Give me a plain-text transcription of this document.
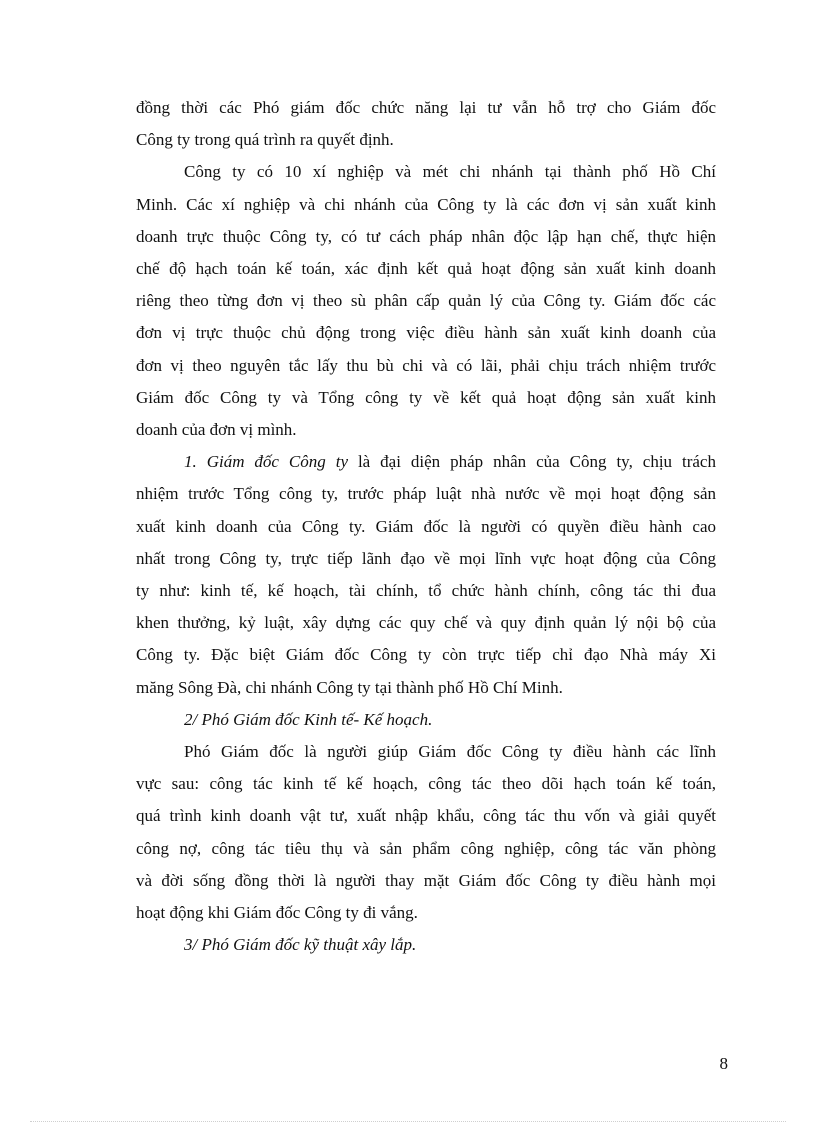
đồng thời các Phó giám đốc chức năng lại tư vẫn hỗ trợ cho Giám đốc
Công ty trong quá trình ra quyết định.

Công ty có 10 xí nghiệp và mét chi nhánh tại thành phố Hồ Chí
Minh. Các xí nghiệp và chi nhánh của Công ty là các đơn vị sản xuất kinh
doanh trực thuộc Công ty, có tư cách pháp nhân độc lập hạn chế, thực hiện
chế độ hạch toán kế toán, xác định kết quả hoạt động sản xuất kinh doanh
riêng theo từng đơn vị theo sù phân cấp quản lý của Công ty. Giám đốc các
đơn vị trực thuộc chủ động trong việc điều hành sản xuất kinh doanh của
đơn vị theo nguyên tắc lấy thu bù chi và có lãi, phải chịu trách nhiệm trước
Giám đốc Công ty và Tổng công ty về kết quả hoạt động sản xuất kinh
doanh của đơn vị mình.

1. Giám đốc Công ty là đại diện pháp nhân của Công ty, chịu trách
nhiệm trước Tổng công ty, trước pháp luật nhà nước về mọi hoạt động sản
xuất kinh doanh của Công ty. Giám đốc là người có quyền điều hành cao
nhất trong Công ty, trực tiếp lãnh đạo về mọi lĩnh vực hoạt động của Công
ty như: kinh tế, kế hoạch, tài chính, tổ chức hành chính, công tác thi đua
khen thưởng, kỷ luật, xây dựng các quy chế và quy định quản lý nội bộ của
Công ty. Đặc biệt Giám đốc Công ty còn trực tiếp chỉ đạo Nhà máy Xi
măng Sông Đà, chi nhánh Công ty tại thành phố Hồ Chí Minh.

2/ Phó Giám đốc Kinh tế- Kế hoạch.

Phó Giám đốc là người giúp Giám đốc Công ty điều hành các lĩnh
vực sau: công tác kinh tế kế hoạch, công tác theo dõi hạch toán kế toán,
quá trình kinh doanh vật tư, xuất nhập khẩu, công tác thu vốn và giải quyết
công nợ, công tác tiêu thụ và sản phẩm công nghiệp, công tác văn phòng
và đời sống đồng thời là người thay mặt Giám đốc Công ty điều hành mọi
hoạt động khi Giám đốc Công ty đi vắng.

3/ Phó Giám đốc kỹ thuật xây lắp.

8
